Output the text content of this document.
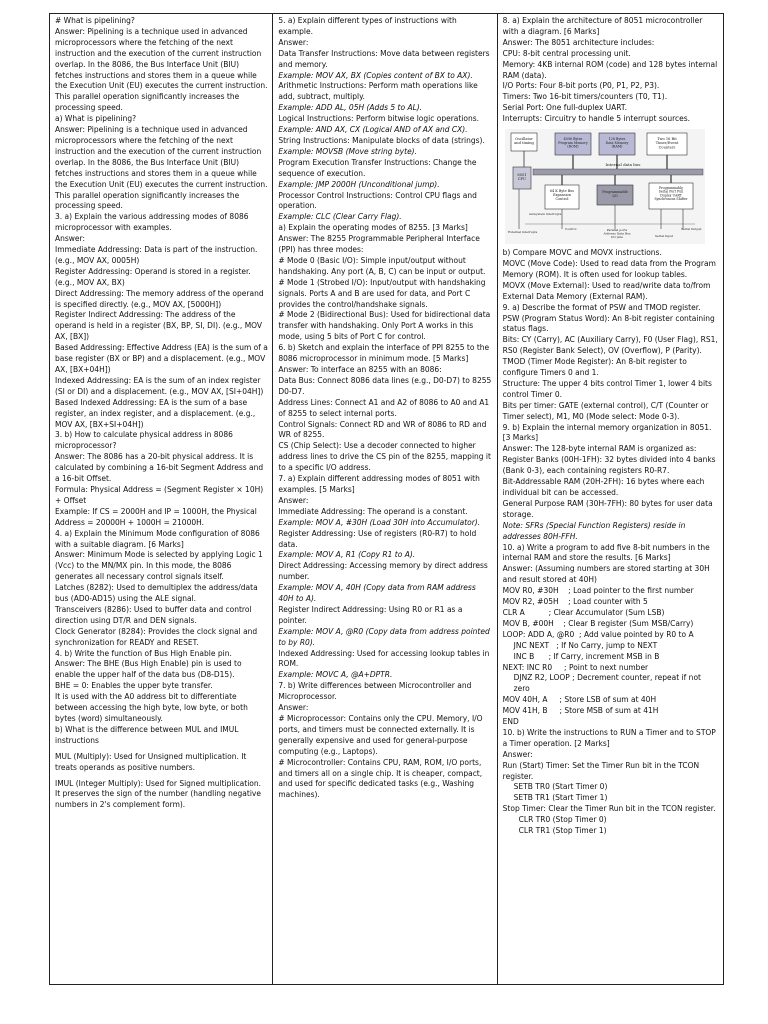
# What is pipelining?

Answer: Pipelining is a technique used in advanced microprocessors where the fetching of the next instruction and the execution of the current instruction overlap. In the 8086, the Bus Interface Unit (BIU) fetches instructions and stores them in a queue while the Execution Unit (EU) executes the current instruction. This parallel operation significantly increases the processing speed.

a) What is pipelining?

Answer: Pipelining is a technique used in advanced microprocessors where the fetching of the next instruction and the execution of the current instruction overlap. In the 8086, the Bus Interface Unit (BIU) fetches instructions and stores them in a queue while the Execution Unit (EU) executes the current instruction. This parallel operation significantly increases the processing speed.

3. a) Explain the various addressing modes of 8086 microprocessor with examples.

Answer:

Immediate Addressing: Data is part of the instruction. (e.g., MOV AX, 0005H)

Register Addressing: Operand is stored in a register. (e.g., MOV AX, BX)

Direct Addressing: The memory address of the operand is specified directly. (e.g., MOV AX, [5000H])

Register Indirect Addressing: The address of the operand is held in a register (BX, BP, SI, DI). (e.g., MOV AX, [BX])

Based Addressing: Effective Address (EA) is the sum of a base register (BX or BP) and a displacement. (e.g., MOV AX, [BX+04H])

Indexed Addressing: EA is the sum of an index register (SI or DI) and a displacement. (e.g., MOV AX, [SI+04H])

Based Indexed Addressing: EA is the sum of a base register, an index register, and a displacement. (e.g., MOV AX, [BX+SI+04H])

3. b) How to calculate physical address in 8086 microprocessor?

Answer: The 8086 has a 20-bit physical address. It is calculated by combining a 16-bit Segment Address and a 16-bit Offset.

Formula: Physical Address = (Segment Register × 10H) + Offset

Example: If CS = 2000H and IP = 1000H, the Physical Address = 20000H + 1000H = 21000H.

4. a) Explain the Minimum Mode configuration of 8086 with a suitable diagram. [6 Marks]

Answer: Minimum Mode is selected by applying Logic 1 (Vcc) to the MN/MX pin. In this mode, the 8086 generates all necessary control signals itself.

Latches (8282): Used to demultiplex the address/data bus (AD0-AD15) using the ALE signal.

Transceivers (8286): Used to buffer data and control direction using DT/R and DEN signals.

Clock Generator (8284): Provides the clock signal and synchronization for READY and RESET.

4. b) Write the function of Bus High Enable pin.

Answer: The BHE (Bus High Enable) pin is used to enable the upper half of the data bus (D8-D15).

BHE = 0: Enables the upper byte transfer.

It is used with the A0 address bit to differentiate between accessing the high byte, low byte, or both bytes (word) simultaneously.

b) What is the difference between MUL and IMUL instructions

MUL (Multiply): Used for Unsigned multiplication. It treats operands as positive numbers.

IMUL (Integer Multiply): Used for Signed multiplication. It preserves the sign of the number (handling negative numbers in 2's complement form).

5. a) Explain different types of instructions with example.

Answer:

Data Transfer Instructions: Move data between registers and memory.

Example: MOV AX, BX (Copies content of BX to AX).

Arithmetic Instructions: Perform math operations like add, subtract, multiply.

Example: ADD AL, 05H (Adds 5 to AL).

Logical Instructions: Perform bitwise logic operations.

Example: AND AX, CX (Logical AND of AX and CX).

String Instructions: Manipulate blocks of data (strings).

Example: MOVSB (Move string byte).

Program Execution Transfer Instructions: Change the sequence of execution.

Example: JMP 2000H (Unconditional jump).

Processor Control Instructions: Control CPU flags and operation.

Example: CLC (Clear Carry Flag).

a) Explain the operating modes of 8255. [3 Marks]

Answer: The 8255 Programmable Peripheral Interface (PPI) has three modes:

# Mode 0 (Basic I/O): Simple input/output without handshaking. Any port (A, B, C) can be input or output.

# Mode 1 (Strobed I/O): Input/output with handshaking signals. Ports A and B are used for data, and Port C provides the control/handshake signals.

# Mode 2 (Bidirectional Bus): Used for bidirectional data transfer with handshaking. Only Port A works in this mode, using 5 bits of Port C for control.

6. b) Sketch and explain the interface of PPI 8255 to the 8086 microprocessor in minimum mode. [5 Marks]

Answer: To interface an 8255 with an 8086:

Data Bus: Connect 8086 data lines (e.g., D0-D7) to 8255 D0-D7.

Address Lines: Connect A1 and A2 of 8086 to A0 and A1 of 8255 to select internal ports.

Control Signals: Connect RD and WR of 8086 to RD and WR of 8255.

CS (Chip Select): Use a decoder connected to higher address lines to drive the CS pin of the 8255, mapping it to a specific I/O address.

7. a) Explain different addressing modes of 8051 with examples. [5 Marks]

Answer:

Immediate Addressing: The operand is a constant.

Example: MOV A, #30H (Load 30H into Accumulator).

Register Addressing: Use of registers (R0-R7) to hold data.

Example: MOV A, R1 (Copy R1 to A).

Direct Addressing: Accessing memory by direct address number.

Example: MOV A, 40H (Copy data from RAM address 40H to A).

Register Indirect Addressing: Using R0 or R1 as a pointer.

Example: MOV A, @R0 (Copy data from address pointed to by R0).

Indexed Addressing: Used for accessing lookup tables in ROM.

Example: MOVC A, @A+DPTR.

7. b) Write differences between Microcontroller and Microprocessor.

Answer:

# Microprocessor: Contains only the CPU. Memory, I/O ports, and timers must be connected externally. It is generally expensive and used for general-purpose computing (e.g., Laptops).

# Microcontroller: Contains CPU, RAM, ROM, I/O ports, and timers all on a single chip. It is cheaper, compact, and used for specific dedicated tasks (e.g., Washing machines).

8. a) Explain the architecture of 8051 microcontroller with a diagram. [6 Marks]

Answer: The 8051 architecture includes:

CPU: 8-bit central processing unit.

Memory: 4KB internal ROM (code) and 128 bytes internal RAM (data).

I/O Ports: Four 8-bit ports (P0, P1, P2, P3).

Timers: Two 16-bit timers/counters (T0, T1).

Serial Port: One full-duplex UART.

Interrupts: Circuitry to handle 5 interrupt sources.

Oscillator and timing
4096 Bytes Program Memory (ROM)
128 Bytes Data Memory (RAM)
Two 16 Bit Timer/Event Counters
8051 CPU
Internal data bus
64 K Byte Bus Expansion Control
Programmable I/O
Programmable Serial Port Full Duplex UART Synchronous Shifter
subsystem interrupts
External interrupts
Control	Parallel ports Address Data Bus I/O pins	Serial Input
Serial Output

b) Compare MOVC and MOVX instructions.

MOVC (Move Code): Used to read data from the Program Memory (ROM). It is often used for lookup tables.

MOVX (Move External): Used to read/write data to/from External Data Memory (External RAM).

9. a) Describe the format of PSW and TMOD register.

PSW (Program Status Word): An 8-bit register containing status flags.

Bits: CY (Carry), AC (Auxiliary Carry), F0 (User Flag), RS1, RS0 (Register Bank Select), OV (Overflow), P (Parity).

TMOD (Timer Mode Register): An 8-bit register to configure Timers 0 and 1.

Structure: The upper 4 bits control Timer 1, lower 4 bits control Timer 0.

Bits per timer: GATE (external control), C/T (Counter or Timer select), M1, M0 (Mode select: Mode 0-3).

9. b) Explain the internal memory organization in 8051. [3 Marks]

Answer: The 128-byte internal RAM is organized as:

Register Banks (00H-1FH): 32 bytes divided into 4 banks (Bank 0-3), each containing registers R0-R7.

Bit-Addressable RAM (20H-2FH): 16 bytes where each individual bit can be accessed.

General Purpose RAM (30H-7FH): 80 bytes for user data storage.

Note: SFRs (Special Function Registers) reside in addresses 80H-FFH.

10. a) Write a program to add five 8-bit numbers in the internal RAM and store the results. [6 Marks]

Answer: (Assuming numbers are stored starting at 30H and result stored at 40H)

MOV R0, #30H    ; Load pointer to the first number

MOV R2, #05H    ; Load counter with 5

CLR A          ; Clear Accumulator (Sum LSB)

MOV B, #00H    ; Clear B register (Sum MSB/Carry)

LOOP: ADD A, @R0  ; Add value pointed by R0 to A

JNC NEXT   ; If No Carry, jump to NEXT

INC B      ; If Carry, increment MSB in B

NEXT: INC R0     ; Point to next number

DJNZ R2, LOOP ; Decrement counter, repeat if not zero

MOV 40H, A     ; Store LSB of sum at 40H

MOV 41H, B     ; Store MSB of sum at 41H

END

10. b) Write the instructions to RUN a Timer and to STOP a Timer operation. [2 Marks]

Answer:

Run (Start) Timer: Set the Timer Run bit in the TCON register.

SETB TR0 (Start Timer 0)

SETB TR1 (Start Timer 1)

Stop Timer: Clear the Timer Run bit in the TCON register.

CLR TR0 (Stop Timer 0)

CLR TR1 (Stop Timer 1)
